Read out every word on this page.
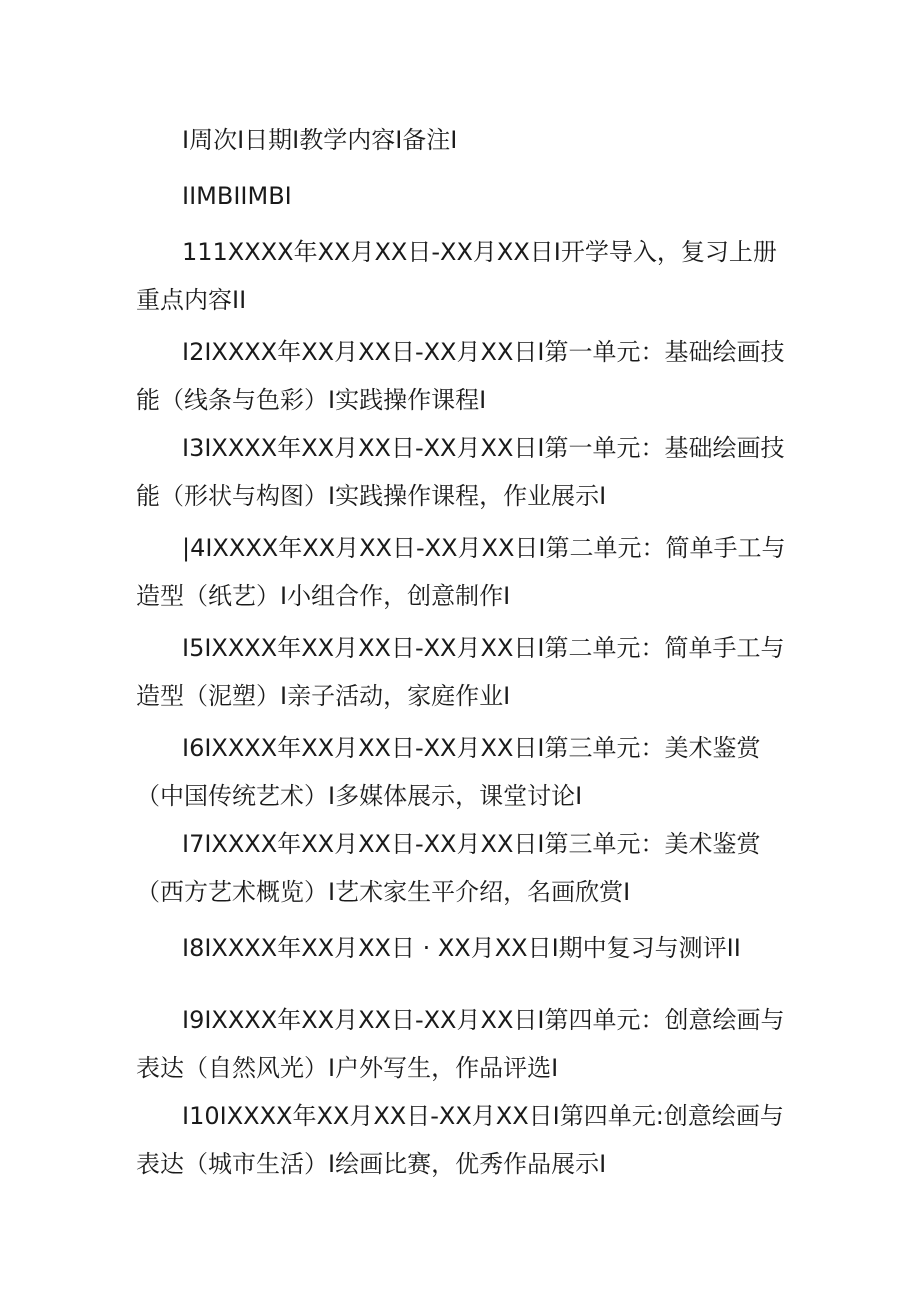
I周次I日期I教学内容I备注I

IIMBIIMBI

111XXXX年XX月XX日-XX月XX日I开学导入，复习上册重点内容II

I2IXXXX年XX月XX日-XX月XX日I第一单元：基础绘画技能（线条与色彩）I实践操作课程I

I3IXXXX年XX月XX日-XX月XX日I第一单元：基础绘画技能（形状与构图）I实践操作课程，作业展示I

|4IXXXX年XX月XX日-XX月XX日I第二单元：简单手工与造型（纸艺）I小组合作，创意制作I

I5IXXXX年XX月XX日-XX月XX日I第二单元：简单手工与造型（泥塑）I亲子活动，家庭作业I

I6IXXXX年XX月XX日-XX月XX日I第三单元：美术鉴赏（中国传统艺术）I多媒体展示，课堂讨论I

I7IXXXX年XX月XX日-XX月XX日I第三单元：美术鉴赏（西方艺术概览）I艺术家生平介绍，名画欣赏I

I8IXXXX年XX月XX日 · XX月XX日I期中复习与测评II

I9IXXXX年XX月XX日-XX月XX日I第四单元：创意绘画与表达（自然风光）I户外写生，作品评选I

I10IXXXX年XX月XX日-XX月XX日I第四单元:创意绘画与表达（城市生活）I绘画比赛，优秀作品展示I
